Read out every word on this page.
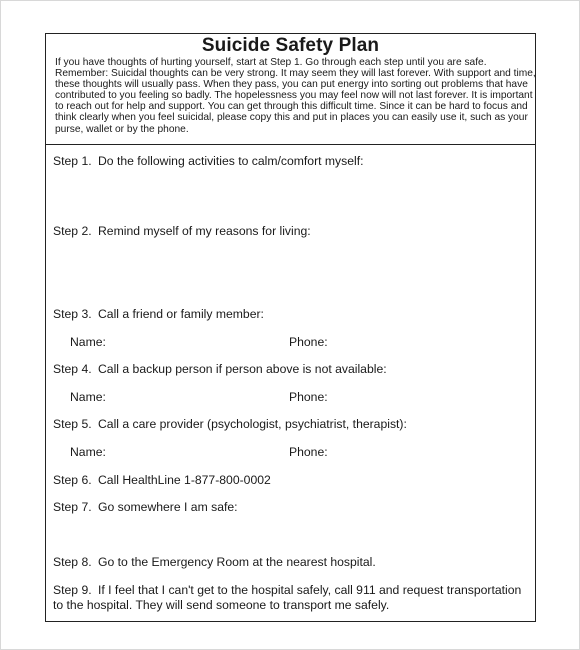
Suicide Safety Plan
If you have thoughts of hurting yourself, start at Step 1. Go through each step until you are safe.
Remember: Suicidal thoughts can be very strong. It may seem they will last forever. With support and time,
these thoughts will usually pass. When they pass, you can put energy into sorting out problems that have
contributed to you feeling so badly. The hopelessness you may feel now will not last forever. It is important
to reach out for help and support. You can get through this difficult time. Since it can be hard to focus and
think clearly when you feel suicidal, please copy this and put in places you can easily use it, such as your
purse, wallet or by the phone.
Step 1. Do the following activities to calm/comfort myself:
Step 2. Remind myself of my reasons for living:
Step 3. Call a friend or family member:
Name:	Phone:
Step 4. Call a backup person if person above is not available:
Name:	Phone:
Step 5. Call a care provider (psychologist, psychiatrist, therapist):
Name:	Phone:
Step 6. Call HealthLine 1-877-800-0002
Step 7. Go somewhere I am safe:
Step 8. Go to the Emergency Room at the nearest hospital.
Step 9. If I feel that I can't get to the hospital safely, call 911 and request transportation
to the hospital. They will send someone to transport me safely.
